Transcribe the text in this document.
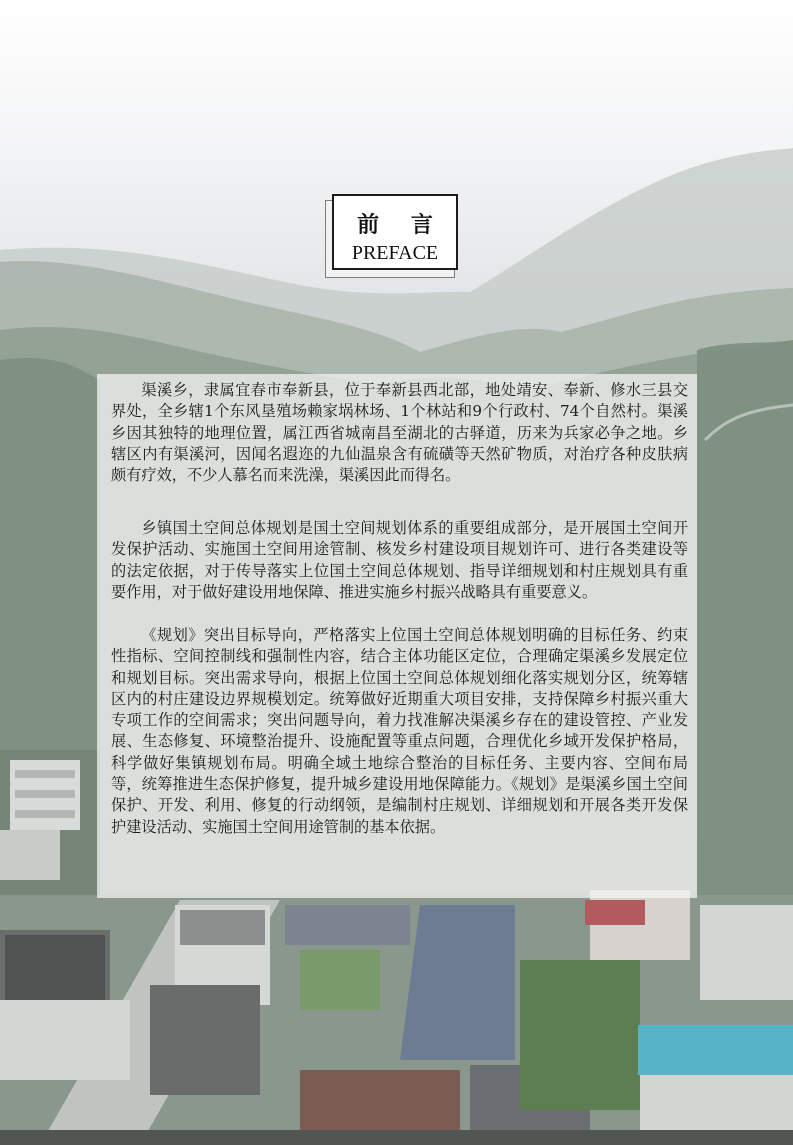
前 言
PREFACE

渠溪乡，隶属宜春市奉新县，位于奉新县西北部，地处靖安、奉新、修水三县交界处，全乡辖1个东风垦殖场赖家埚林场、1个林站和9个行政村、74个自然村。渠溪乡因其独特的地理位置，属江西省城南昌至湖北的古驿道，历来为兵家必争之地。乡辖区内有渠溪河，因闻名遐迩的九仙温泉含有硫磺等天然矿物质，对治疗各种皮肤病颇有疗效，不少人慕名而来洗澡，渠溪因此而得名。

乡镇国土空间总体规划是国土空间规划体系的重要组成部分，是开展国土空间开发保护活动、实施国土空间用途管制、核发乡村建设项目规划许可、进行各类建设等的法定依据，对于传导落实上位国土空间总体规划、指导详细规划和村庄规划具有重要作用，对于做好建设用地保障、推进实施乡村振兴战略具有重要意义。

《规划》突出目标导向，严格落实上位国土空间总体规划明确的目标任务、约束性指标、空间控制线和强制性内容，结合主体功能区定位，合理确定渠溪乡发展定位和规划目标。突出需求导向，根据上位国土空间总体规划细化落实规划分区，统筹辖区内的村庄建设边界规模划定。统筹做好近期重大项目安排，支持保障乡村振兴重大专项工作的空间需求；突出问题导向，着力找准解决渠溪乡存在的建设管控、产业发展、生态修复、环境整治提升、设施配置等重点问题，合理优化乡域开发保护格局，科学做好集镇规划布局。明确全域土地综合整治的目标任务、主要内容、空间布局等，统筹推进生态保护修复，提升城乡建设用地保障能力。《规划》是渠溪乡国土空间保护、开发、利用、修复的行动纲领，是编制村庄规划、详细规划和开展各类开发保护建设活动、实施国土空间用途管制的基本依据。
